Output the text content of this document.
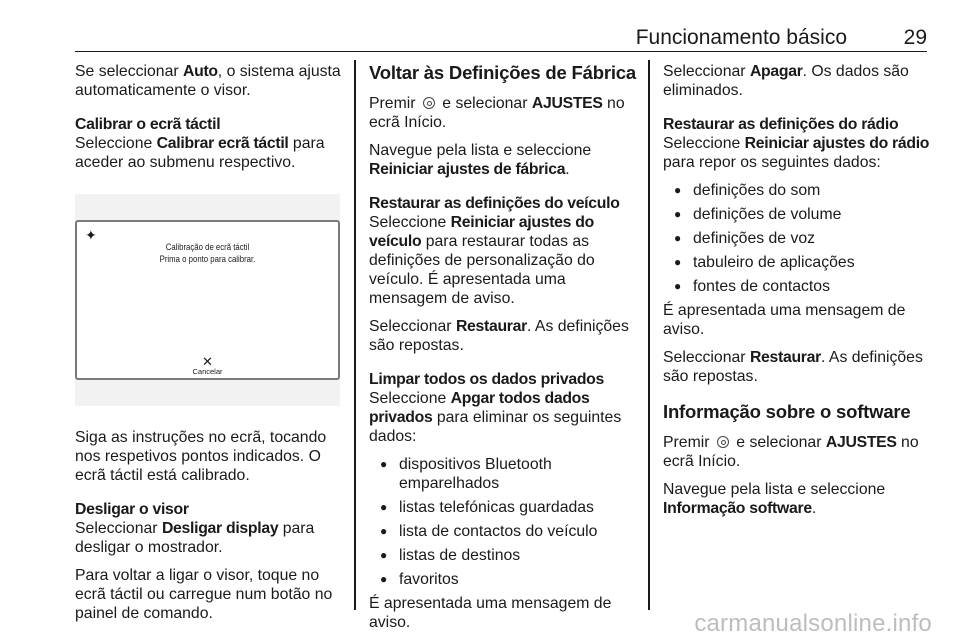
Funcionamento básico	29
Se seleccionar Auto, o sistema ajusta automaticamente o visor.
Calibrar o ecrã táctil
Seleccione Calibrar ecrã táctil para aceder ao submenu respectivo.
✦
Calibração de ecrã táctil
Prima o ponto para calibrar.
✕
Cancelar
Siga as instruções no ecrã, tocando nos respetivos pontos indicados. O ecrã táctil está calibrado.
Desligar o visor
Seleccionar Desligar display para desligar o mostrador.
Para voltar a ligar o visor, toque no ecrã táctil ou carregue num botão no painel de comando.
Voltar às Definições de Fábrica
Premir  e selecionar AJUSTES no ecrã Início.
Navegue pela lista e seleccione Reiniciar ajustes de fábrica.
Restaurar as definições do veículo
Seleccione Reiniciar ajustes do veículo para restaurar todas as definições de personalização do veículo. É apresentada uma mensagem de aviso.
Seleccionar Restaurar. As definições são repostas.
Limpar todos os dados privados
Seleccione Apgar todos dados privados para eliminar os seguintes dados:
● dispositivos Bluetooth emparelhados
● listas telefónicas guardadas
● lista de contactos do veículo
● listas de destinos
● favoritos
É apresentada uma mensagem de aviso.
Seleccionar Apagar. Os dados são eliminados.
Restaurar as definições do rádio
Seleccione Reiniciar ajustes do rádio para repor os seguintes dados:
● definições do som
● definições de volume
● definições de voz
● tabuleiro de aplicações
● fontes de contactos
É apresentada uma mensagem de aviso.
Seleccionar Restaurar. As definições são repostas.
Informação sobre o software
Premir  e selecionar AJUSTES no ecrã Início.
Navegue pela lista e seleccione Informação software.
carmanualsonline.info
